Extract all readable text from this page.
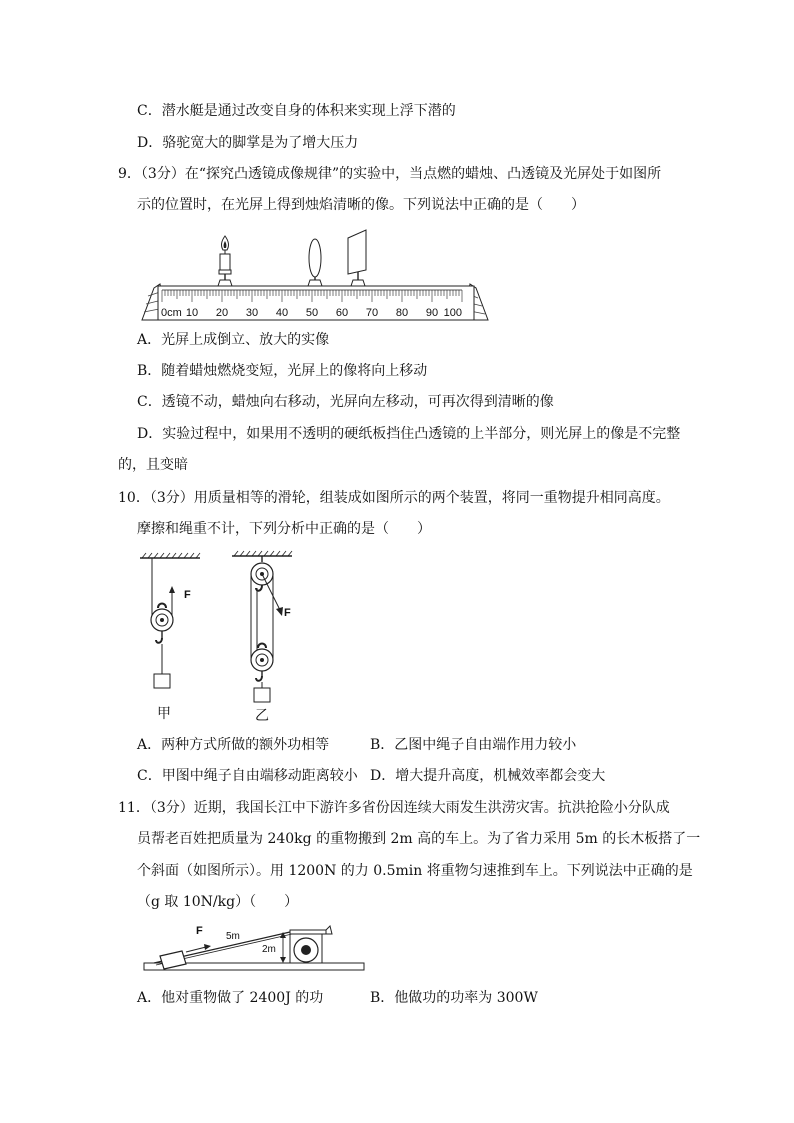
C．潜水艇是通过改变自身的体积来实现上浮下潜的
D．骆驼宽大的脚掌是为了增大压力
9．（3分）在“探究凸透镜成像规律”的实验中，当点燃的蜡烛、凸透镜及光屏处于如图所
示的位置时，在光屏上得到烛焰清晰的像。下列说法中正确的是（　　）
0cm 10 20 30 40 50 60 70 80 90 100
A．光屏上成倒立、放大的实像
B．随着蜡烛燃烧变短，光屏上的像将向上移动
C．透镜不动，蜡烛向右移动，光屏向左移动，可再次得到清晰的像
D．实验过程中，如果用不透明的硬纸板挡住凸透镜的上半部分，则光屏上的像是不完整
的，且变暗
10．（3分）用质量相等的滑轮，组装成如图所示的两个装置，将同一重物提升相同高度。
摩擦和绳重不计，下列分析中正确的是（　　）
F
甲
F
乙
A．两种方式所做的额外功相等	B．乙图中绳子自由端作用力较小
C．甲图中绳子自由端移动距离较小 D．增大提升高度，机械效率都会变大
11．（3分）近期，我国长江中下游许多省份因连续大雨发生洪涝灾害。抗洪抢险小分队成
员帮老百姓把质量为 240kg 的重物搬到 2m 高的车上。为了省力采用 5m 的长木板搭了一
个斜面（如图所示）。用 1200N 的力 0.5min 将重物匀速推到车上。下列说法中正确的是
（g 取 10N/kg）（　　）
F 5m
2m
A．他对重物做了 2400J 的功	B．他做功的功率为 300W
